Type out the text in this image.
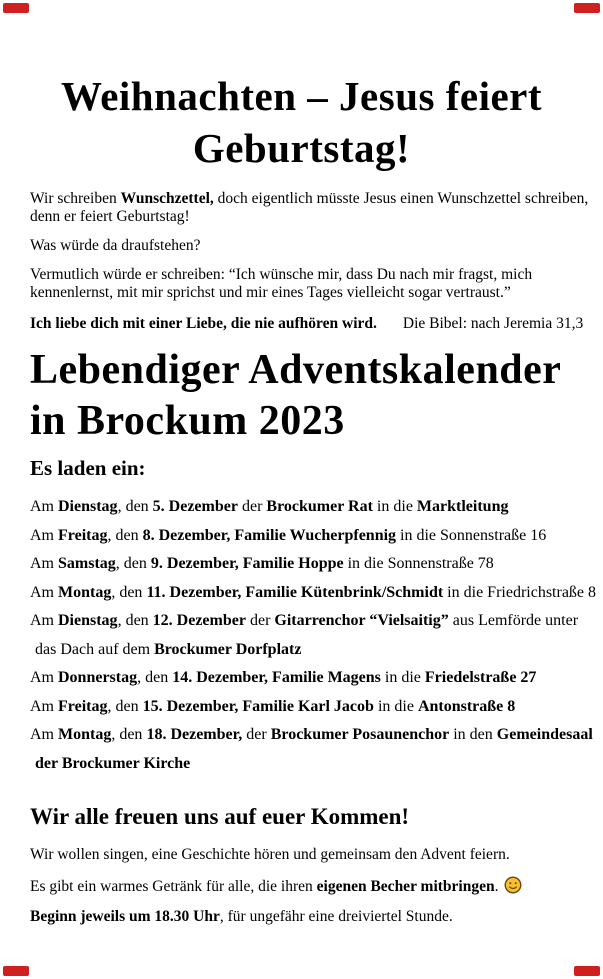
Weihnachten – Jesus feiert
Geburtstag!
Wir schreiben Wunschzettel, doch eigentlich müsste Jesus einen Wunschzettel schreiben,
denn er feiert Geburtstag!
Was würde da draufstehen?
Vermutlich würde er schreiben: “Ich wünsche mir, dass Du nach mir fragst, mich
kennenlernst, mit mir sprichst und mir eines Tages vielleicht sogar vertraust.”
Ich liebe dich mit einer Liebe, die nie aufhören wird. Die Bibel: nach Jeremia 31,3
Lebendiger Adventskalender
in Brockum 2023
Es laden ein:
Am Dienstag, den 5. Dezember der Brockumer Rat in die Marktleitung
Am Freitag, den 8. Dezember, Familie Wucherpfennig in die Sonnenstraße 16
Am Samstag, den 9. Dezember, Familie Hoppe in die Sonnenstraße 78
Am Montag, den 11. Dezember, Familie Kütenbrink/Schmidt in die Friedrichstraße 8
Am Dienstag, den 12. Dezember der Gitarrenchor “Vielsaitig” aus Lemförde unter
das Dach auf dem Brockumer Dorfplatz
Am Donnerstag, den 14. Dezember, Familie Magens in die Friedelstraße 27
Am Freitag, den 15. Dezember, Familie Karl Jacob in die Antonstraße 8
Am Montag, den 18. Dezember, der Brockumer Posaunenchor in den Gemeindesaal
der Brockumer Kirche
Wir alle freuen uns auf euer Kommen!
Wir wollen singen, eine Geschichte hören und gemeinsam den Advent feiern.
Es gibt ein warmes Getränk für alle, die ihren eigenen Becher mitbringen.
Beginn jeweils um 18.30 Uhr, für ungefähr eine dreiviertel Stunde.
